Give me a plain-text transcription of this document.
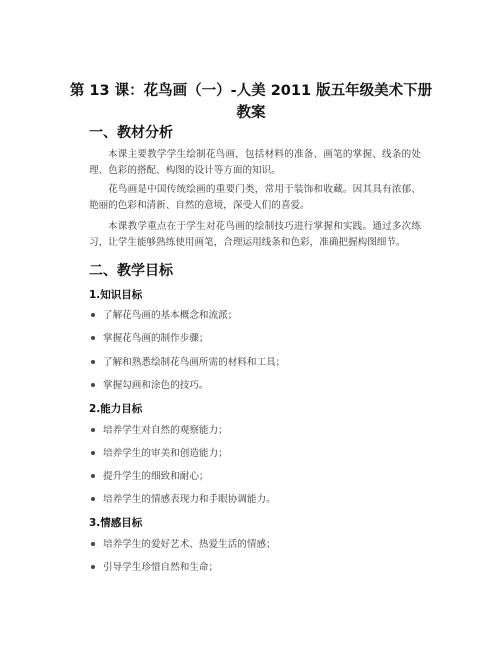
第 13 课：花鸟画（一）-人美 2011 版五年级美术下册
教案
一、教材分析
本课主要教学学生绘制花鸟画，包括材料的准备、画笔的掌握、线条的处理、色彩的搭配、构图的设计等方面的知识。
花鸟画是中国传统绘画的重要门类，常用于装饰和收藏。因其具有浓郁、艳丽的色彩和清新、自然的意境，深受人们的喜爱。
本课教学重点在于学生对花鸟画的绘制技巧进行掌握和实践。通过多次练习，让学生能够熟练使用画笔，合理运用线条和色彩，准确把握构图细节。
二、教学目标
1.知识目标
了解花鸟画的基本概念和流派；
掌握花鸟画的制作步骤；
了解和熟悉绘制花鸟画所需的材料和工具；
掌握勾画和涂色的技巧。
2.能力目标
培养学生对自然的观察能力；
培养学生的审美和创造能力；
提升学生的细致和耐心；
培养学生的情感表现力和手眼协调能力。
3.情感目标
培养学生的爱好艺术、热爱生活的情感；
引导学生珍惜自然和生命；
